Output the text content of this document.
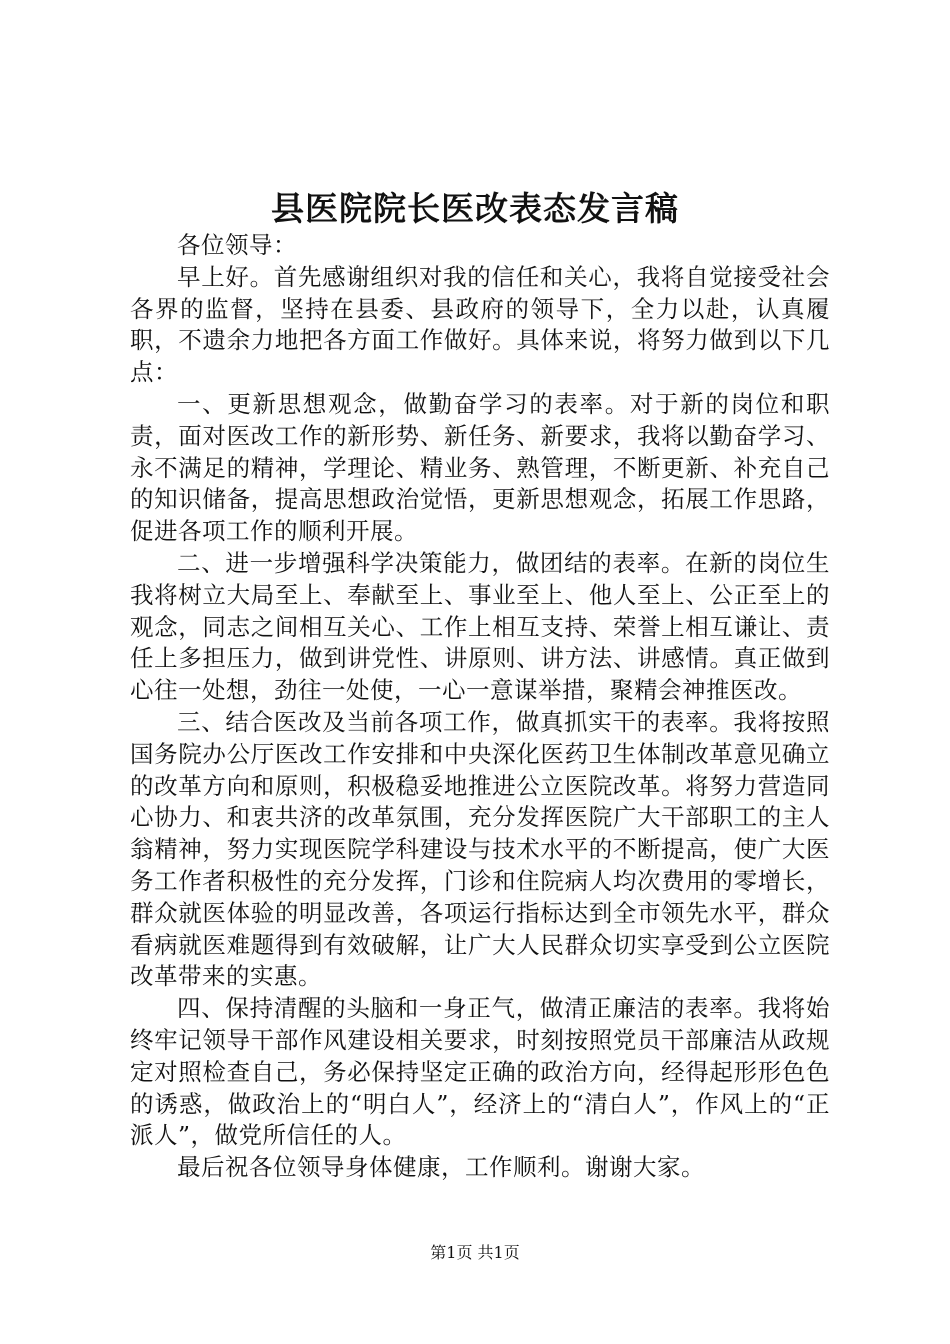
县医院院长医改表态发言稿

各位领导：

早上好。首先感谢组织对我的信任和关心，我将自觉接受社会各界的监督，坚持在县委、县政府的领导下，全力以赴，认真履职，不遗余力地把各方面工作做好。具体来说，将努力做到以下几点：

一、更新思想观念，做勤奋学习的表率。对于新的岗位和职责，面对医改工作的新形势、新任务、新要求，我将以勤奋学习、永不满足的精神，学理论、精业务、熟管理，不断更新、补充自己的知识储备，提高思想政治觉悟，更新思想观念，拓展工作思路，促进各项工作的顺利开展。

二、进一步增强科学决策能力，做团结的表率。在新的岗位生我将树立大局至上、奉献至上、事业至上、他人至上、公正至上的观念，同志之间相互关心、工作上相互支持、荣誉上相互谦让、责任上多担压力，做到讲党性、讲原则、讲方法、讲感情。真正做到心往一处想，劲往一处使，一心一意谋举措，聚精会神推医改。

三、结合医改及当前各项工作，做真抓实干的表率。我将按照国务院办公厅医改工作安排和中央深化医药卫生体制改革意见确立的改革方向和原则，积极稳妥地推进公立医院改革。将努力营造同心协力、和衷共济的改革氛围，充分发挥医院广大干部职工的主人翁精神，努力实现医院学科建设与技术水平的不断提高，使广大医务工作者积极性的充分发挥，门诊和住院病人均次费用的零增长，群众就医体验的明显改善，各项运行指标达到全市领先水平，群众看病就医难题得到有效破解，让广大人民群众切实享受到公立医院改革带来的实惠。

四、保持清醒的头脑和一身正气，做清正廉洁的表率。我将始终牢记领导干部作风建设相关要求，时刻按照党员干部廉洁从政规定对照检查自己，务必保持坚定正确的政治方向，经得起形形色色的诱惑，做政治上的“明白人”，经济上的“清白人”，作风上的“正派人”，做党所信任的人。

最后祝各位领导身体健康，工作顺利。谢谢大家。

第1页 共1页
